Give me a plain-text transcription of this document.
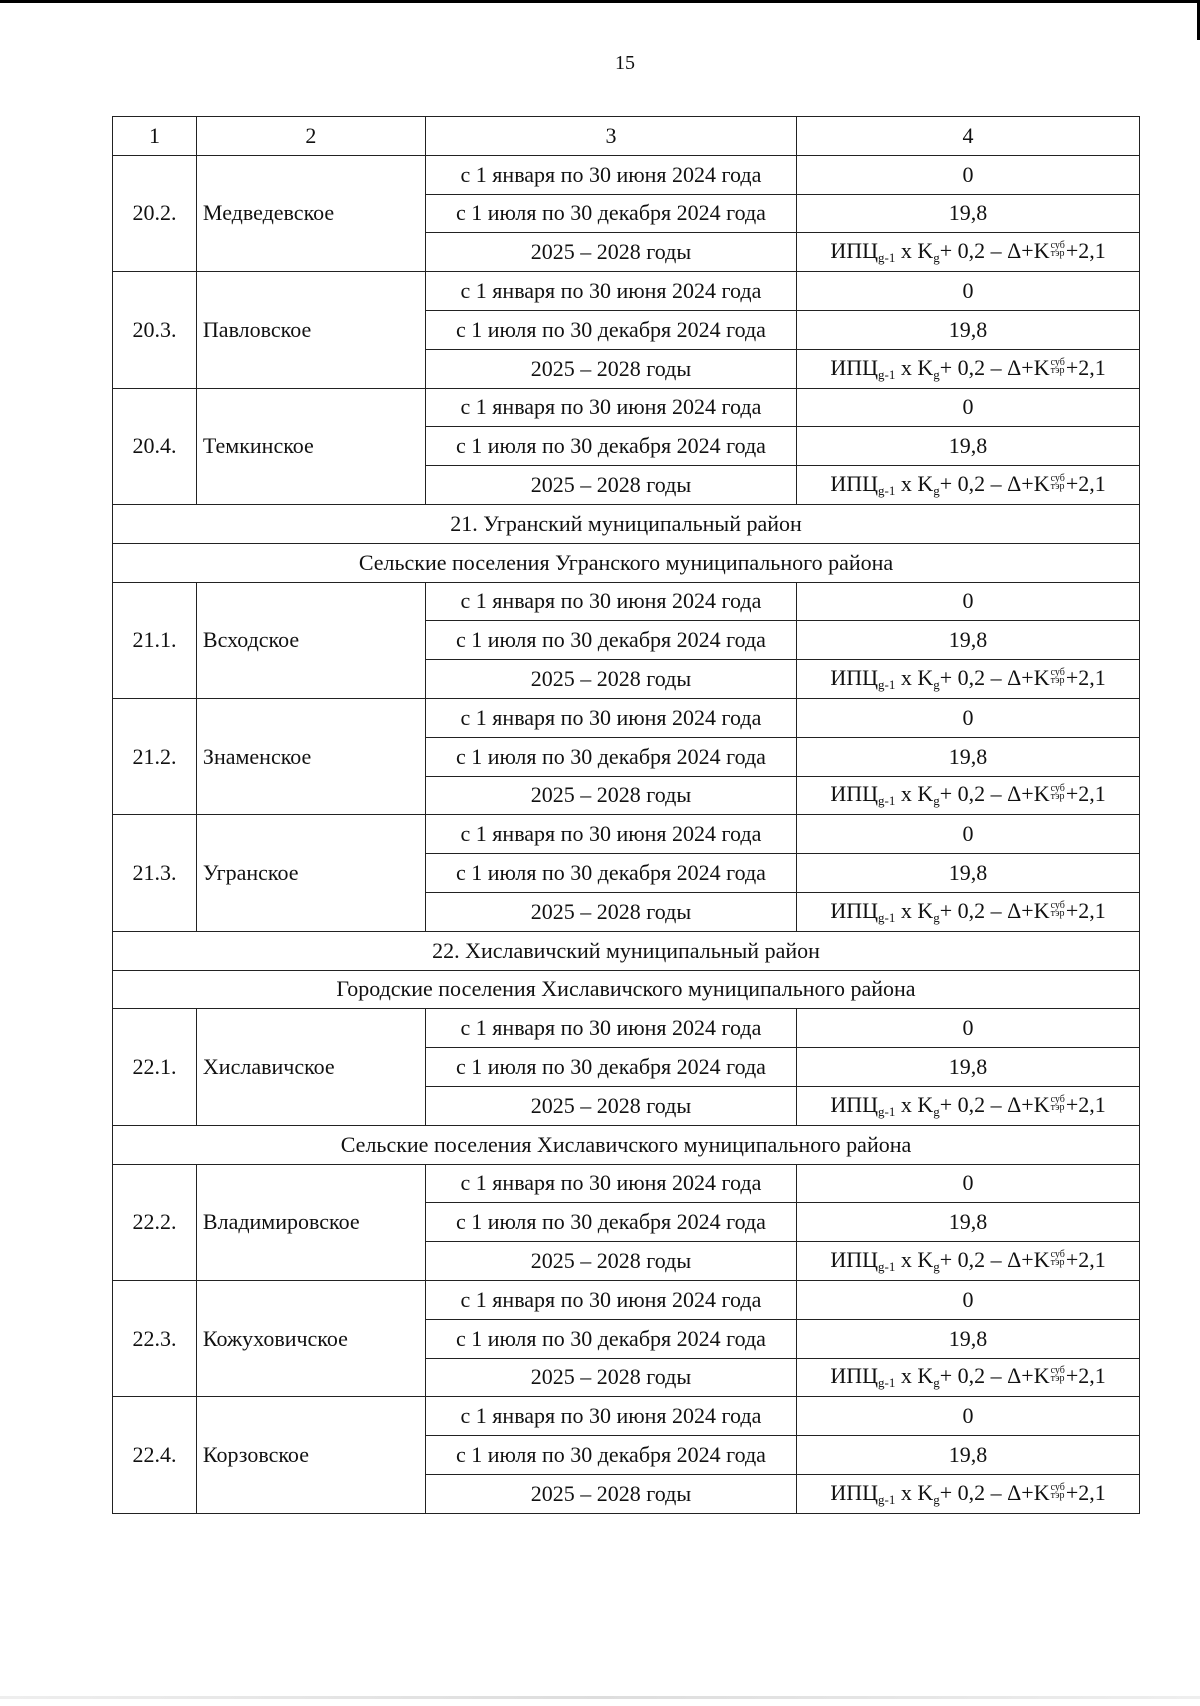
15
1	2	3	4
20.2.	Медведевское	с 1 января по 30 июня 2024 года	0
		с 1 июля по 30 декабря 2024 года	19,8
		2025 – 2028 годы	$ИПЦ_{g-1}$ x $K_g+ 0,2 - \Delta+K$ суб
тэр +2,1
20.3.	Павловское	с 1 января по 30 июня 2024 года	0
		с 1 июля по 30 декабря 2024 года	19,8
		2025 – 2028 годы	$ИПЦ_{g-1}$ x $K_g+ 0,2 - \Delta+K$ суб
тэр +2,1
20.4.	Темкинское	с 1 января по 30 июня 2024 года	0
		с 1 июля по 30 декабря 2024 года	19,8
		2025 – 2028 годы	$ИПЦ_{g-1}$ x $K_g+ 0,2 - \Delta+K$ суб
тэр +2,1
21. Угранский муниципальный район			
Сельские поселения Угранского муниципального района			
21.1.	Всходское	с 1 января по 30 июня 2024 года	0
		с 1 июля по 30 декабря 2024 года	19,8
		2025 – 2028 годы	$ИПЦ_{g-1}$ x $K_g+ 0,2 - \Delta+K$ суб
тэр +2,1
21.2.	Знаменское	с 1 января по 30 июня 2024 года	0
		с 1 июля по 30 декабря 2024 года	19,8
		2025 – 2028 годы	$ИПЦ_{g-1}$ x $K_g+ 0,2 - \Delta+K$ суб
тэр +2,1
21.3.	Угранское	с 1 января по 30 июня 2024 года	0
		с 1 июля по 30 декабря 2024 года	19,8
		2025 – 2028 годы	$ИПЦ_{g-1}$ x $K_g+ 0,2 - \Delta+K$ суб
тэр +2,1
22. Хиславичский муниципальный район			
Городские поселения Хиславичского муниципального района			
22.1.	Хиславичское	с 1 января по 30 июня 2024 года	0
		с 1 июля по 30 декабря 2024 года	19,8
		2025 – 2028 годы	$ИПЦ_{g-1}$ x $K_g+ 0,2 - \Delta+K$ суб
тэр +2,1
Сельские поселения Хиславичского муниципального района			
22.2.	Владимировское	с 1 января по 30 июня 2024 года	0
		с 1 июля по 30 декабря 2024 года	19,8
		2025 – 2028 годы	$ИПЦ_{g-1}$ x $K_g+ 0,2 - \Delta+K$ суб
тэр +2,1
22.3.	Кожуховичское	с 1 января по 30 июня 2024 года	0
		с 1 июля по 30 декабря 2024 года	19,8
		2025 – 2028 годы	$ИПЦ_{g-1}$ x $K_g+ 0,2 - \Delta+K$ суб
тэр +2,1
22.4.	Корзовское	с 1 января по 30 июня 2024 года	0
		с 1 июля по 30 декабря 2024 года	19,8
		2025 – 2028 годы	$ИПЦ_{g-1}$ x $K_g+ 0,2 - \Delta+K$ суб
тэр +2,1
